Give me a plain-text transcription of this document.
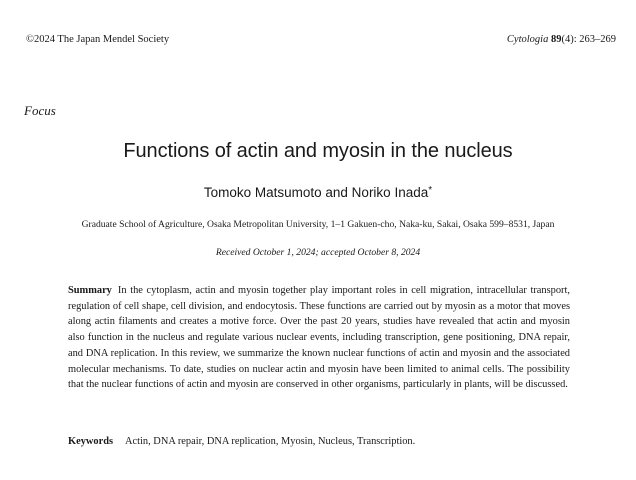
©2024 The Japan Mendel Society	Cytologia 89(4): 263–269
Focus
Functions of actin and myosin in the nucleus
Tomoko Matsumoto and Noriko Inada*
Graduate School of Agriculture, Osaka Metropolitan University, 1–1 Gakuen-cho, Naka-ku, Sakai, Osaka 599–8531, Japan
Received October 1, 2024; accepted October 8, 2024
Summary In the cytoplasm, actin and myosin together play important roles in cell migration, intracellular transport, regulation of cell shape, cell division, and endocytosis. These functions are carried out by myosin as a motor that moves along actin filaments and creates a motive force. Over the past 20 years, studies have revealed that actin and myosin also function in the nucleus and regulate various nuclear events, including transcription, gene positioning, DNA repair, and DNA replication. In this review, we summarize the known nuclear functions of actin and myosin and the associated molecular mechanisms. To date, studies on nuclear actin and myosin have been limited to animal cells. The possibility that the nuclear functions of actin and myosin are conserved in other organisms, particularly in plants, will be discussed.
Keywords Actin, DNA repair, DNA replication, Myosin, Nucleus, Transcription.
